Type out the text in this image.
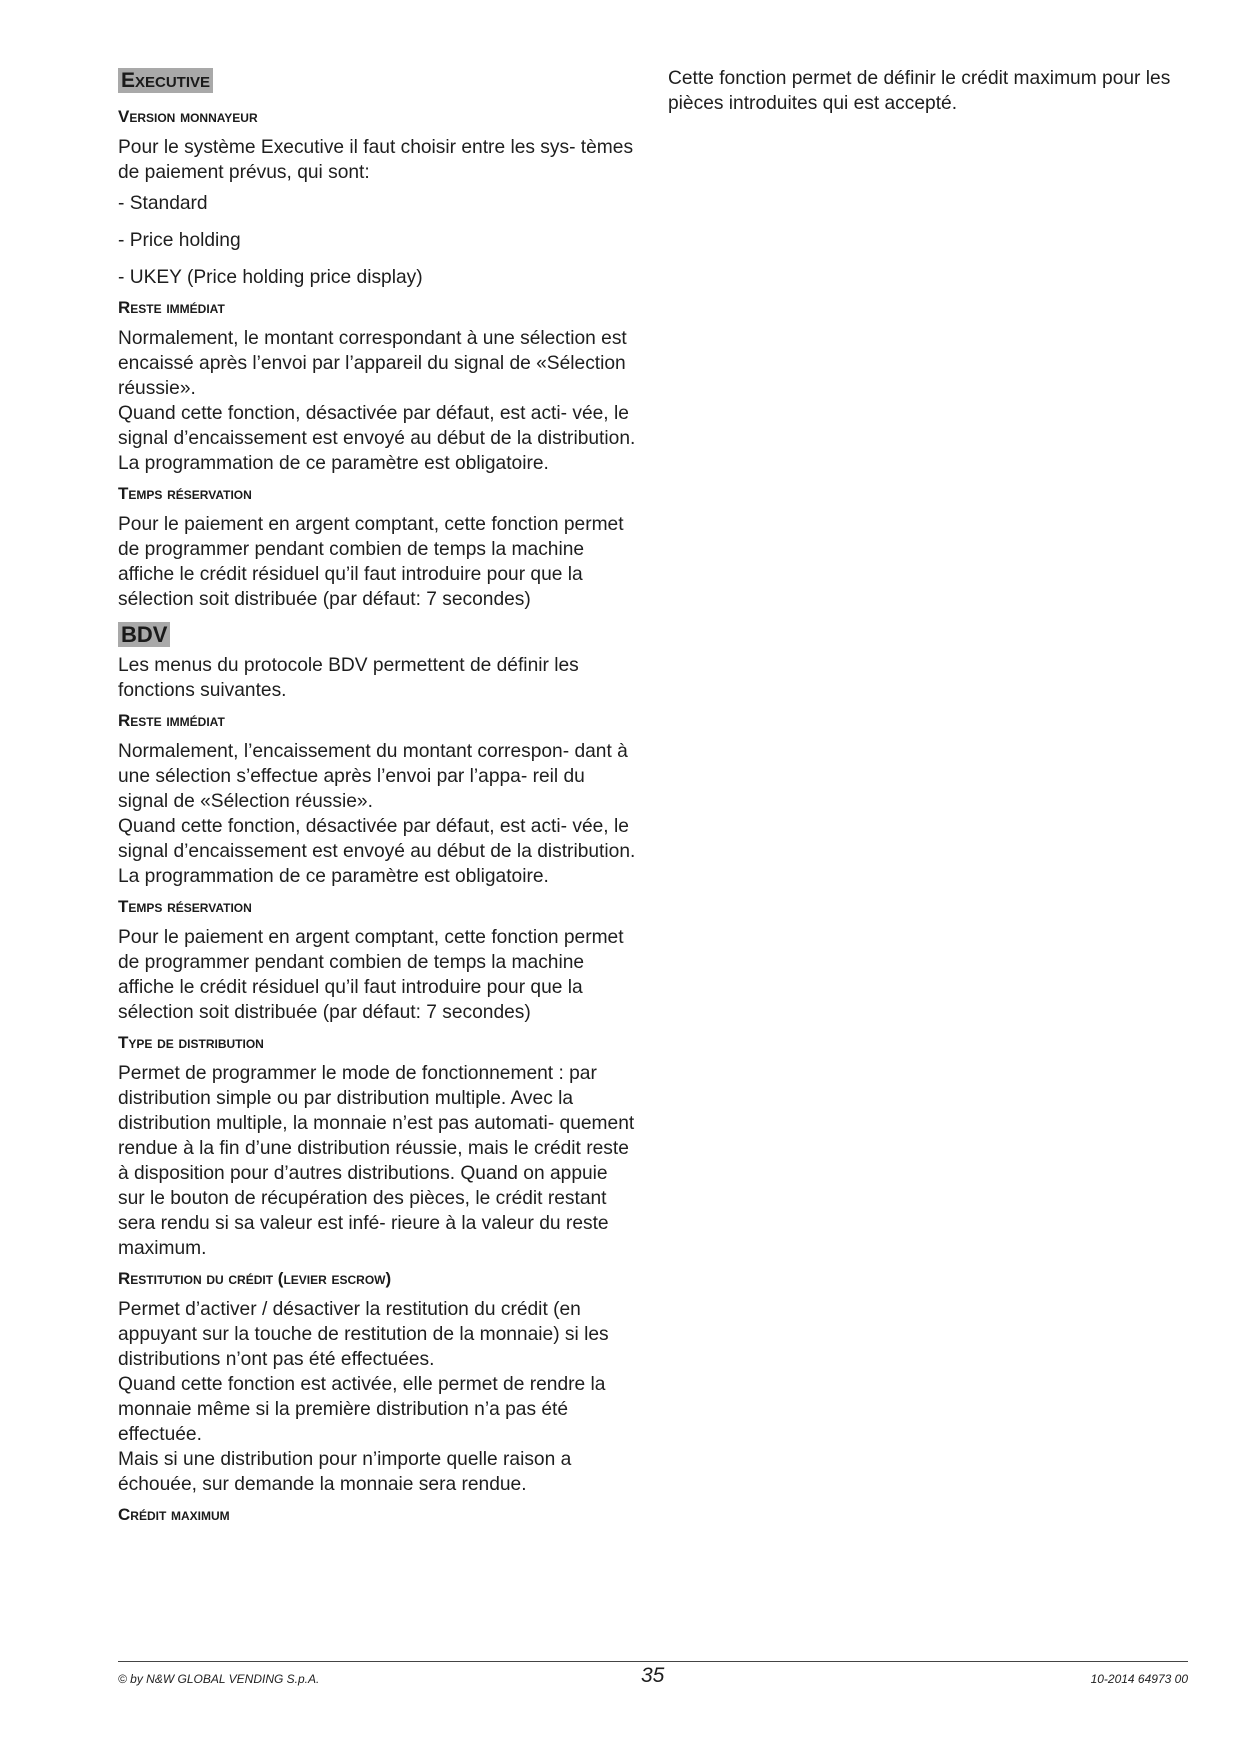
Executive
Version monnayeur

Pour le système Executive il faut choisir entre les sys- tèmes de paiement prévus, qui sont:

- Standard
- Price holding
- UKEY (Price holding price display)
Reste immédiat

Normalement, le montant correspondant à une sélection est encaissé après l’envoi par l’appareil du signal de «Sélection réussie».
Quand cette fonction, désactivée par défaut, est acti- vée, le signal d’encaissement est envoyé au début de la distribution.
La programmation de ce paramètre est obligatoire.

Temps réservation

Pour le paiement en argent comptant, cette fonction permet de programmer pendant combien de temps la machine affiche le crédit résiduel qu’il faut introduire pour que la sélection soit distribuée (par défaut: 7 secondes)

BDV

Les menus du protocole BDV permettent de définir les fonctions suivantes.

Reste immédiat

Normalement, l’encaissement du montant correspon- dant à une sélection s’effectue après l’envoi par l’appa- reil du signal de «Sélection réussie».
Quand cette fonction, désactivée par défaut, est acti- vée, le signal d’encaissement est envoyé au début de la distribution. La programmation de ce paramètre est obligatoire.

Temps réservation

Pour le paiement en argent comptant, cette fonction permet de programmer pendant combien de temps la machine affiche le crédit résiduel qu’il faut introduire pour que la sélection soit distribuée (par défaut: 7 secondes)

Type de distribution

Permet de programmer le mode de fonctionnement : par distribution simple ou par distribution multiple. Avec la distribution multiple, la monnaie n’est pas automati- quement rendue à la fin d’une distribution réussie, mais le crédit reste à disposition pour d’autres distributions. Quand on appuie sur le bouton de récupération des pièces, le crédit restant sera rendu si sa valeur est infé- rieure à la valeur du reste maximum.

Restitution du crédit (levier escrow)

Permet d’activer / désactiver la restitution du crédit (en appuyant sur la touche de restitution de la monnaie) si les distributions n’ont pas été effectuées.
Quand cette fonction est activée, elle permet de rendre la monnaie même si la première distribution n’a pas été effectuée.
Mais si une distribution pour n’importe quelle raison a échouée, sur demande la monnaie sera rendue.

Crédit maximum

Cette fonction permet de définir le crédit maximum pour les pièces introduites qui est accepté.

© by N&W GLOBAL VENDING S.p.A.	35	10-2014 64973 00
